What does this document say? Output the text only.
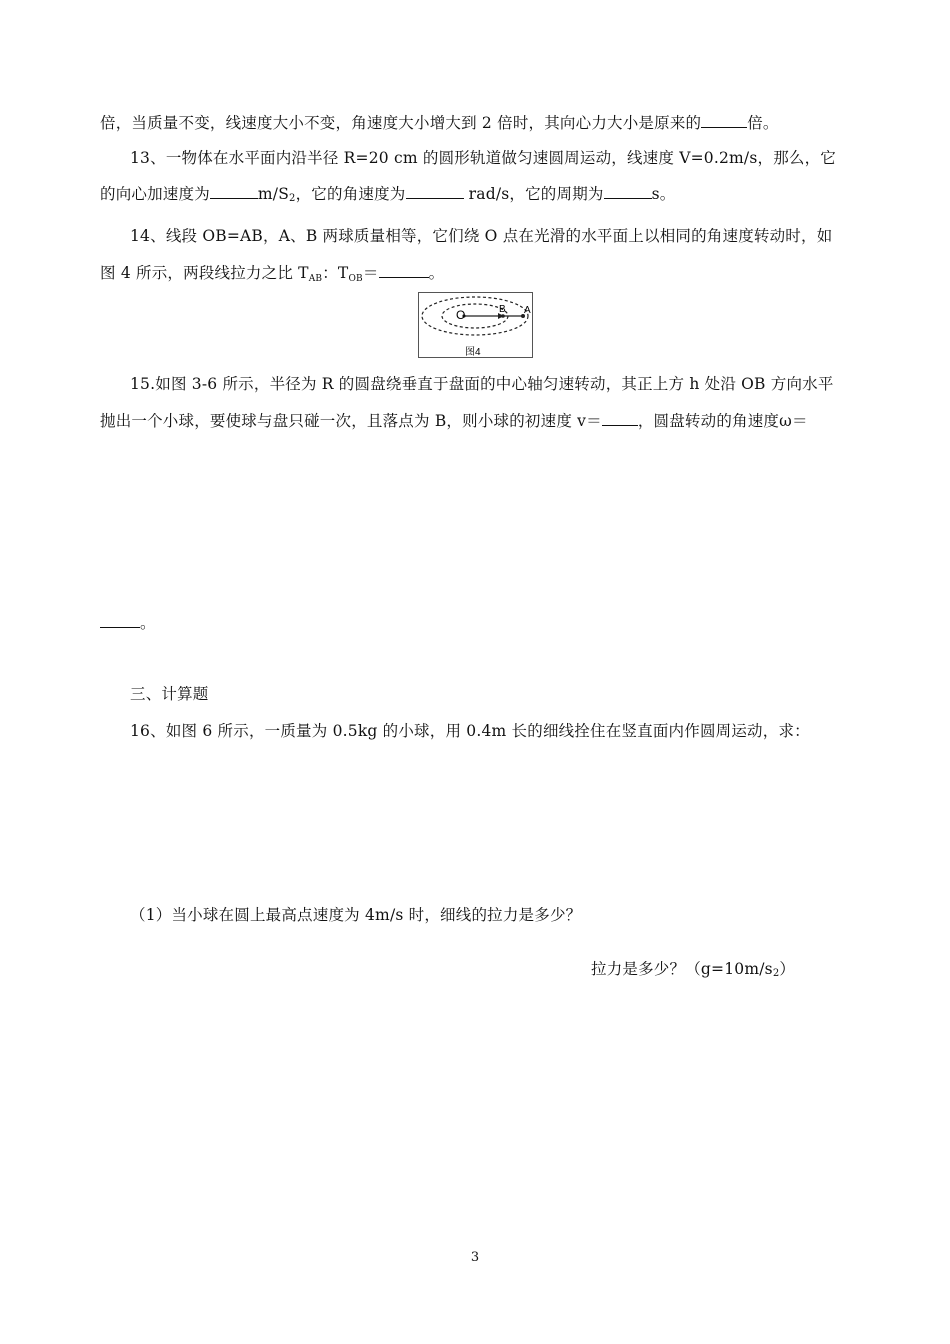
倍，当质量不变，线速度大小不变，角速度大小增大到 2 倍时，其向心力大小是原来的	倍。
13、一物体在水平面内沿半径 R=20 cm 的圆形轨道做匀速圆周运动，线速度 V=0.2m/s，那么，它
的向心加速度为	$m/S_2$，它的角速度为	rad/s，它的周期为	s。
14、线段 OB=AB，A、B 两球质量相等，它们绕 O 点在光滑的水平面上以相同的角速度转动时，如
图 4 所示，两段线拉力之比 $T_{AB}$：$T_{OB}=$	。
O	B A
图4
15.如图 3-6 所示，半径为 R 的圆盘绕垂直于盘面的中心轴匀速转动，其正上方 h 处沿 OB 方向水平
抛出一个小球，要使球与盘只碰一次，且落点为 B，则小球的初速度 v＝ ，圆盘转动的角速度ω＝
。
三、计算题
16、如图 6 所示，一质量为 0.5kg 的小球，用 0.4m 长的细线拴住在竖直面内作圆周运动，求：
（1）当小球在圆上最高点速度为 4m/s 时，细线的拉力是多少？
拉力是多少？$(g=10m/s_2)$
3
